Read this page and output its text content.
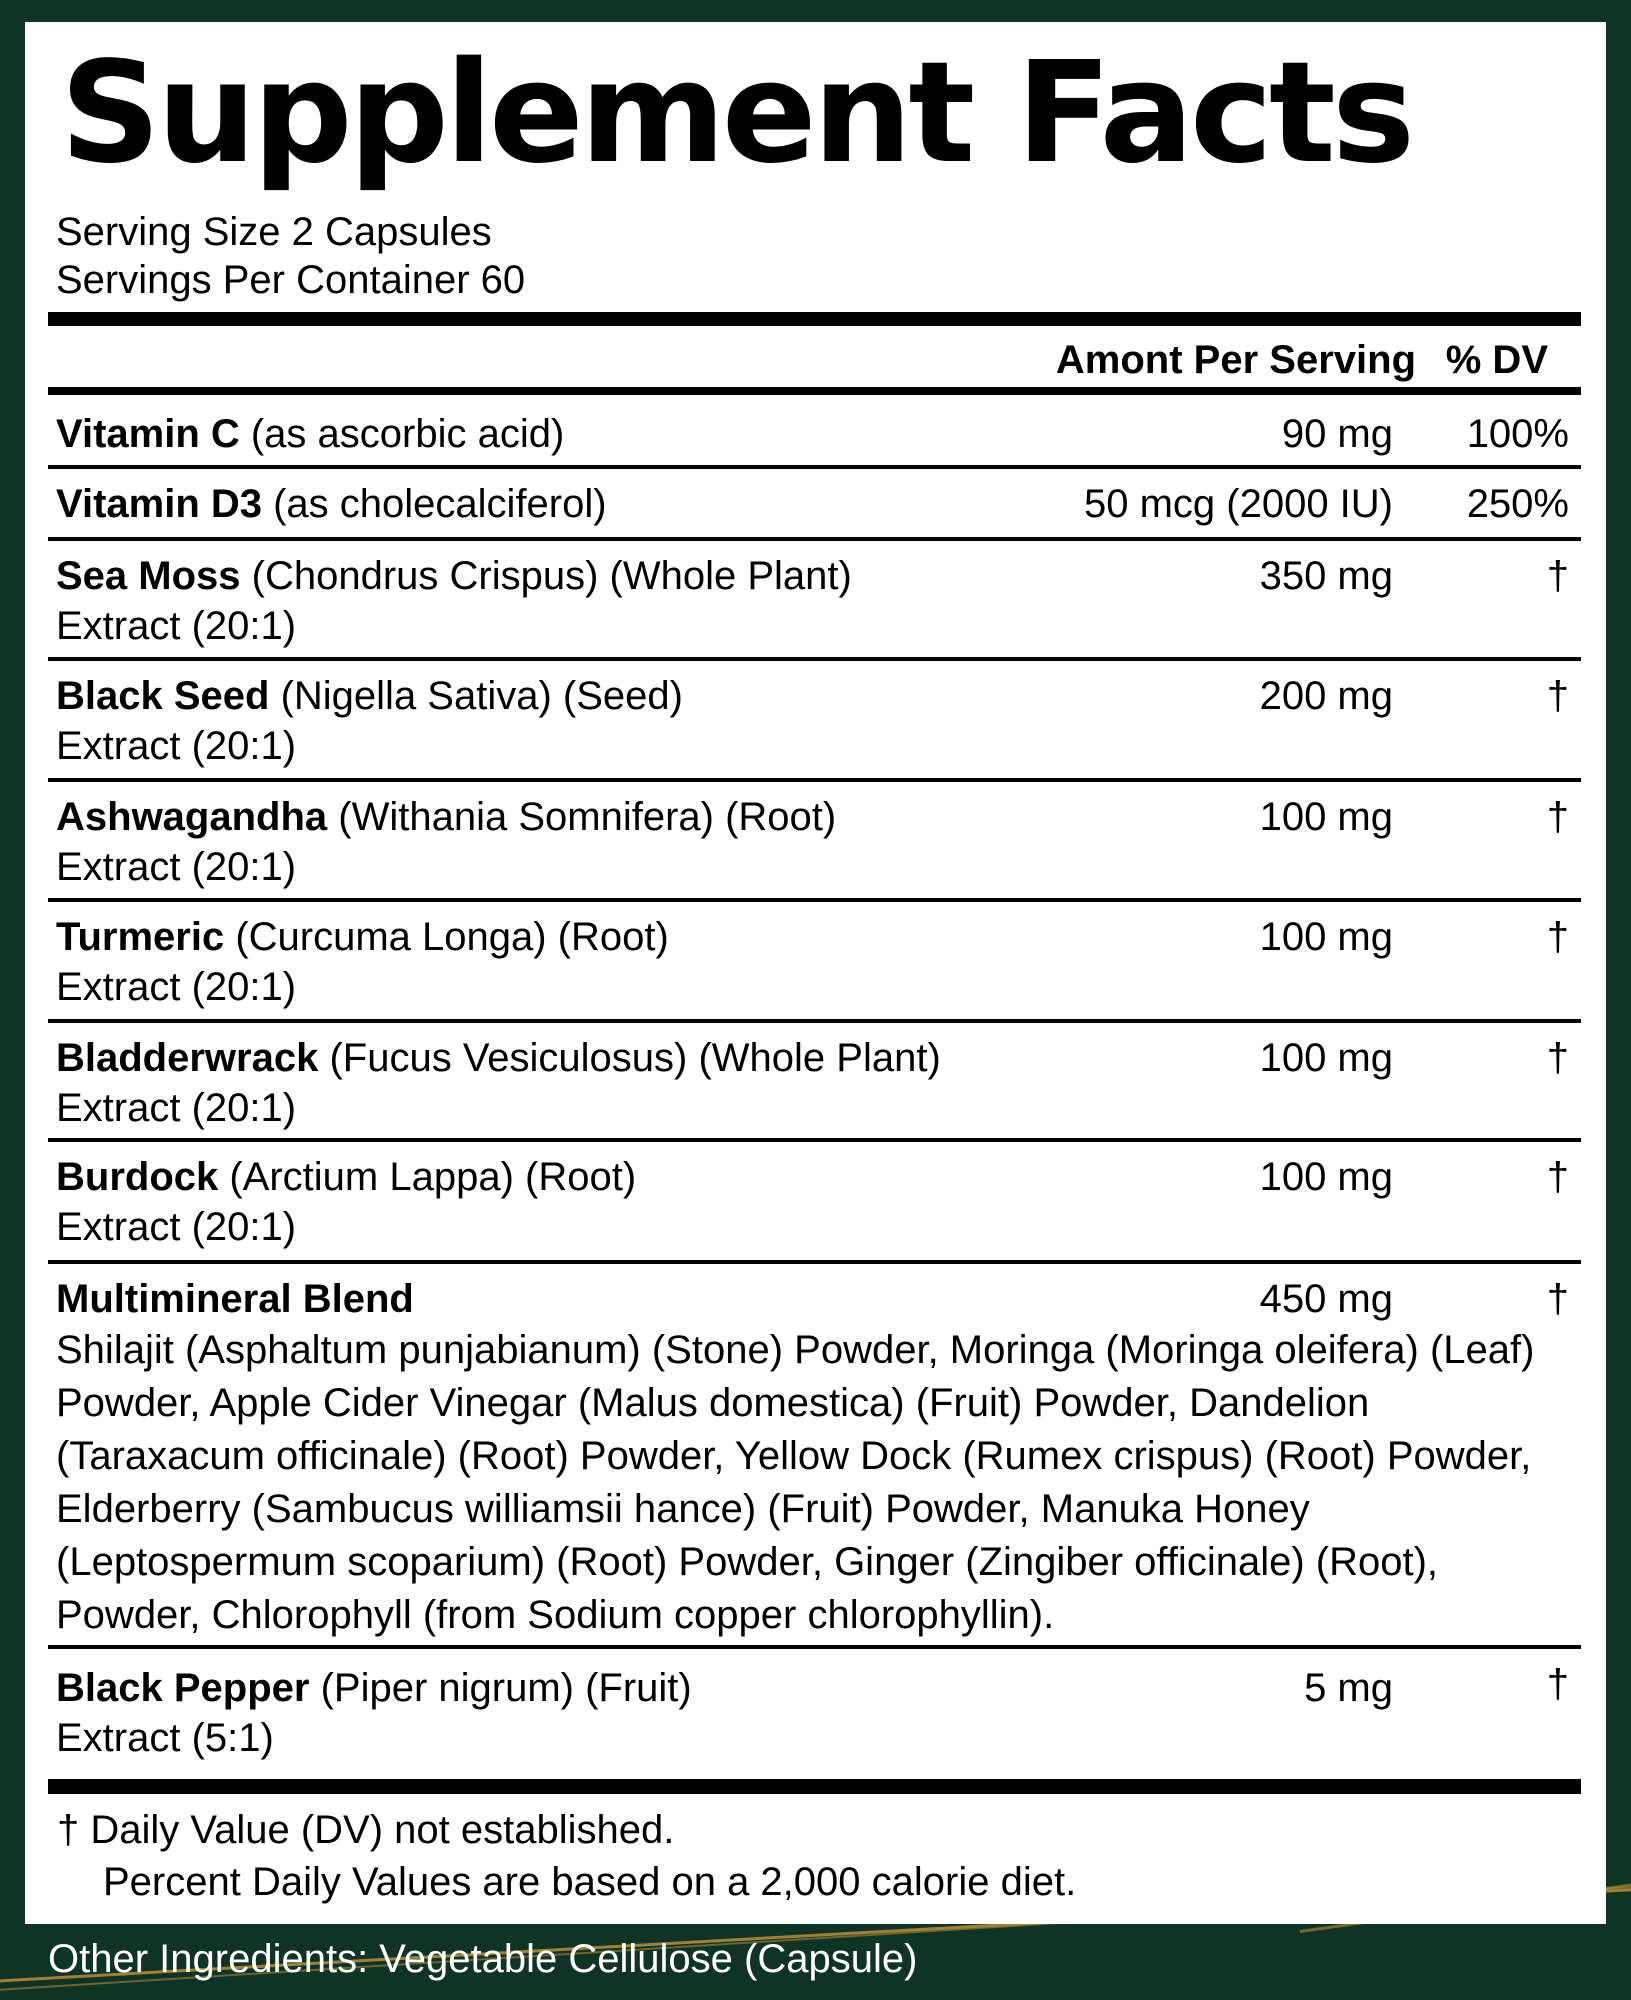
Supplement Facts
Serving Size 2 Capsules
Servings Per Container 60
Amont Per Serving % DV
Vitamin C (as ascorbic acid)	90 mg 100%
Vitamin D3 (as cholecalciferol)	50 mcg (2000 IU) 250%
Sea Moss (Chondrus Crispus) (Whole Plant)
Extract (20:1)
350 mg	†
Black Seed (Nigella Sativa) (Seed)
Extract (20:1)
200 mg	†
Ashwagandha (Withania Somnifera) (Root)
Extract (20:1)
100 mg	†
Turmeric (Curcuma Longa) (Root)
Extract (20:1)
100 mg	†
Bladderwrack (Fucus Vesiculosus) (Whole Plant)
Extract (20:1)
100 mg	†
Burdock (Arctium Lappa) (Root)
Extract (20:1)
100 mg	†
Multimineral Blend	450 mg	†
Shilajit (Asphaltum punjabianum) (Stone) Powder, Moringa (Moringa oleifera) (Leaf) Powder, Apple Cider Vinegar (Malus domestica) (Fruit) Powder, Dandelion (Taraxacum officinale) (Root) Powder, Yellow Dock (Rumex crispus) (Root) Powder, Elderberry (Sambucus williamsii hance) (Fruit) Powder, Manuka Honey (Leptospermum scoparium) (Root) Powder, Ginger (Zingiber officinale) (Root), Powder, Chlorophyll (from Sodium copper chlorophyllin).
Black Pepper (Piper nigrum) (Fruit)
Extract (5:1)
5 mg	†
† Daily Value (DV) not established.
Percent Daily Values are based on a 2,000 calorie diet.
Other Ingredients: Vegetable Cellulose (Capsule)
